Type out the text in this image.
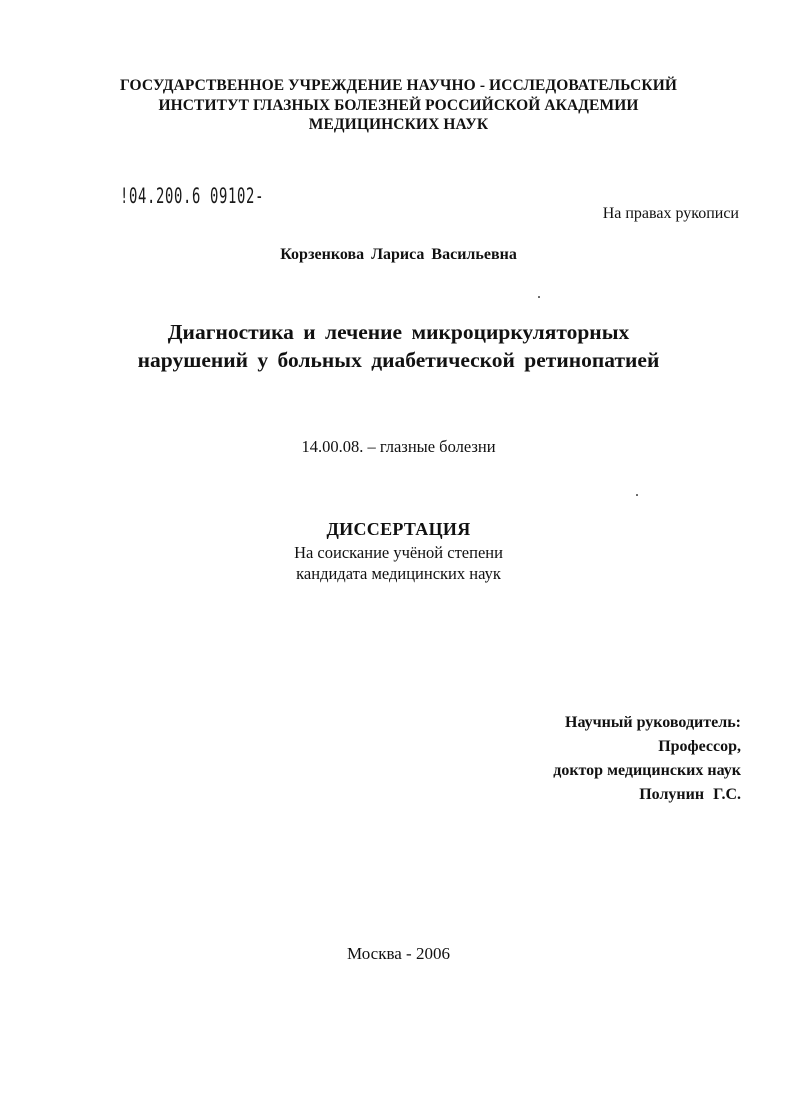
ГОСУДАРСТВЕННОЕ УЧРЕЖДЕНИЕ НАУЧНО - ИССЛЕДОВАТЕЛЬСКИЙ
ИНСТИТУТ ГЛАЗНЫХ БОЛЕЗНЕЙ РОССИЙСКОЙ АКАДЕМИИ
МЕДИЦИНСКИХ НАУК
!04.200.6 09102-
На правах рукописи
Корзенкова Лариса Васильевна
Диагностика и лечение микроциркуляторных
нарушений у больных диабетической ретинопатией
14.00.08. – глазные болезни
ДИССЕРТАЦИЯ
На соискание учёной степени
кандидата медицинских наук
Научный руководитель:
Профессор,
доктор медицинских наук
Полунин Г.С.
Москва - 2006
